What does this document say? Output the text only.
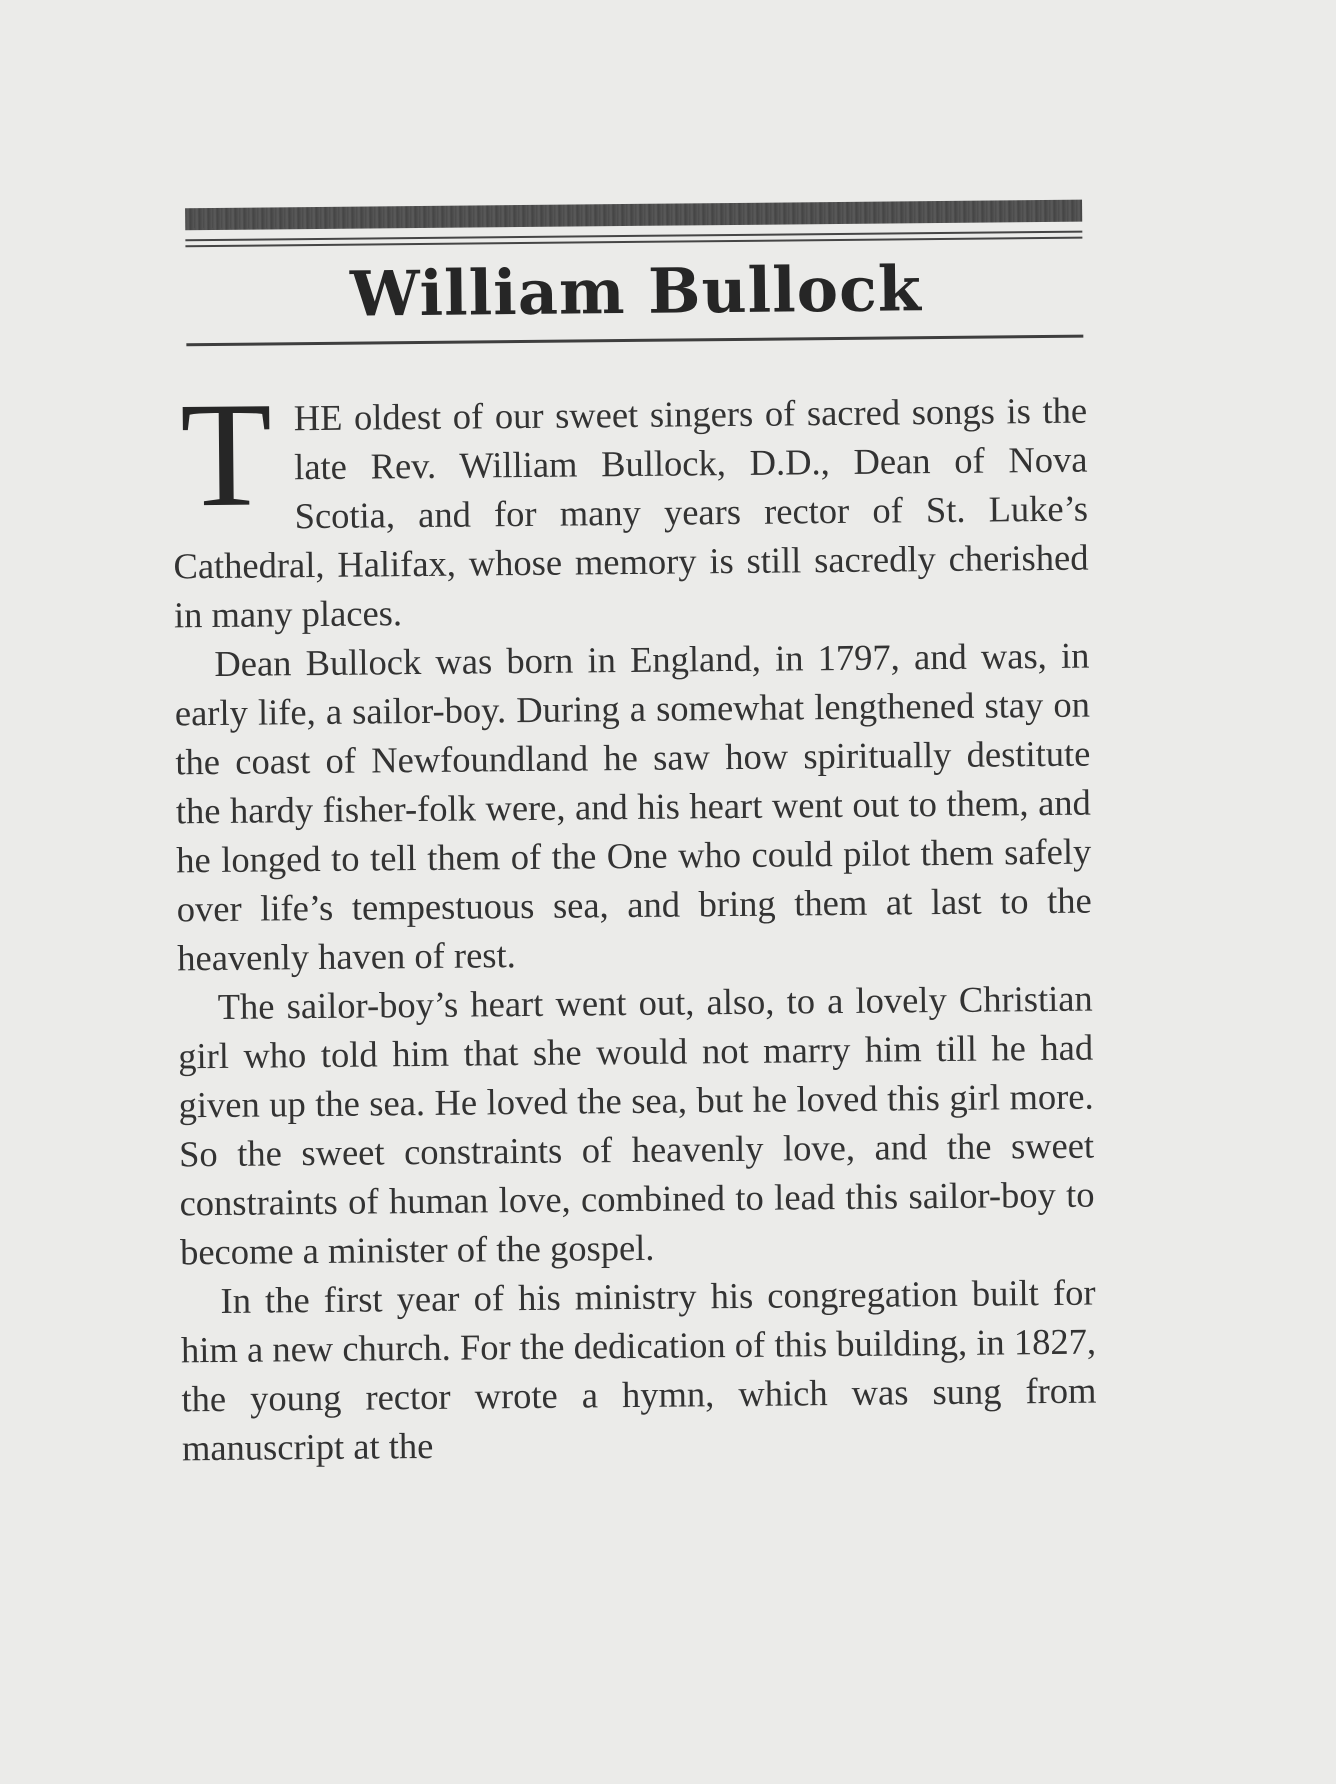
William Bullock

THE oldest of our sweet singers of sacred songs is the late Rev. William Bullock, D.D., Dean of Nova Scotia, and for many years rector of St. Luke’s Cathedral, Halifax, whose memory is still sacredly cherished in many places.

Dean Bullock was born in England, in 1797, and was, in early life, a sailor-boy. During a somewhat lengthened stay on the coast of Newfoundland he saw how spiritually destitute the hardy fisher-folk were, and his heart went out to them, and he longed to tell them of the One who could pilot them safely over life’s tempestuous sea, and bring them at last to the heavenly haven of rest.

The sailor-boy’s heart went out, also, to a lovely Christian girl who told him that she would not marry him till he had given up the sea. He loved the sea, but he loved this girl more. So the sweet constraints of heavenly love, and the sweet constraints of human love, combined to lead this sailor-boy to become a minister of the gospel.

In the first year of his ministry his congregation built for him a new church. For the dedication of this building, in 1827, the young rector wrote a hymn, which was sung from manuscript at the
